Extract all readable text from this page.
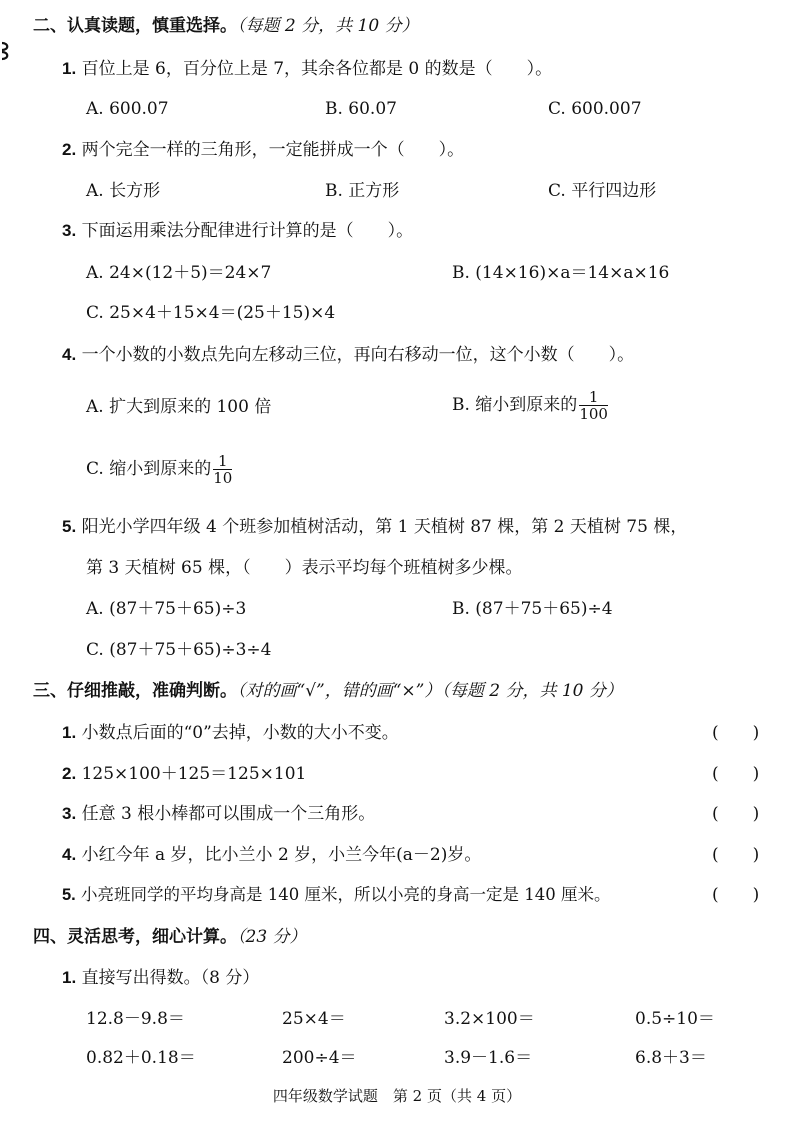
二、认真读题，慎重选择。（每题 2 分，共 10 分）
1. 百位上是 6，百分位上是 7，其余各位都是 0 的数是（　　）。
A. 600.07	B. 60.07	C. 600.007
2. 两个完全一样的三角形，一定能拼成一个（　　）。
A. 长方形	B. 正方形	C. 平行四边形
3. 下面运用乘法分配律进行计算的是（　　）。
A. 24×(12＋5)＝24×7	B. (14×16)×a＝14×a×16
C. 25×4＋15×4＝(25＋15)×4
4. 一个小数的小数点先向左移动三位，再向右移动一位，这个小数（　　）。
A. 扩大到原来的 100 倍	B. 缩小到原来的 $\frac{1}{100}$
C. 缩小到原来的 $\frac{1}{10}$
5. 阳光小学四年级 4 个班参加植树活动，第 1 天植树 87 棵，第 2 天植树 75 棵，
第 3 天植树 65 棵，（　　）表示平均每个班植树多少棵。
A. (87＋75＋65)÷3	B. (87＋75＋65)÷4
C. (87＋75＋65)÷3÷4
三、仔细推敲，准确判断。（对的画“√”，错的画“×”）（每题 2 分，共 10 分）
1. 小数点后面的“0”去掉，小数的大小不变。	(　　)
2. 125×100＋125＝125×101	(　　)
3. 任意 3 根小棒都可以围成一个三角形。	(　　)
4. 小红今年 a 岁，比小兰小 2 岁，小兰今年(a－2)岁。	(　　)
5. 小亮班同学的平均身高是 140 厘米，所以小亮的身高一定是 140 厘米。	(　　)
四、灵活思考，细心计算。（23 分）
1. 直接写出得数。（8 分）
12.8－9.8＝	25×4＝	3.2×100＝	0.5÷10＝
0.82＋0.18＝	200÷4＝	3.9－1.6＝	6.8＋3＝
四年级数学试题　第 2 页（共 4 页）
